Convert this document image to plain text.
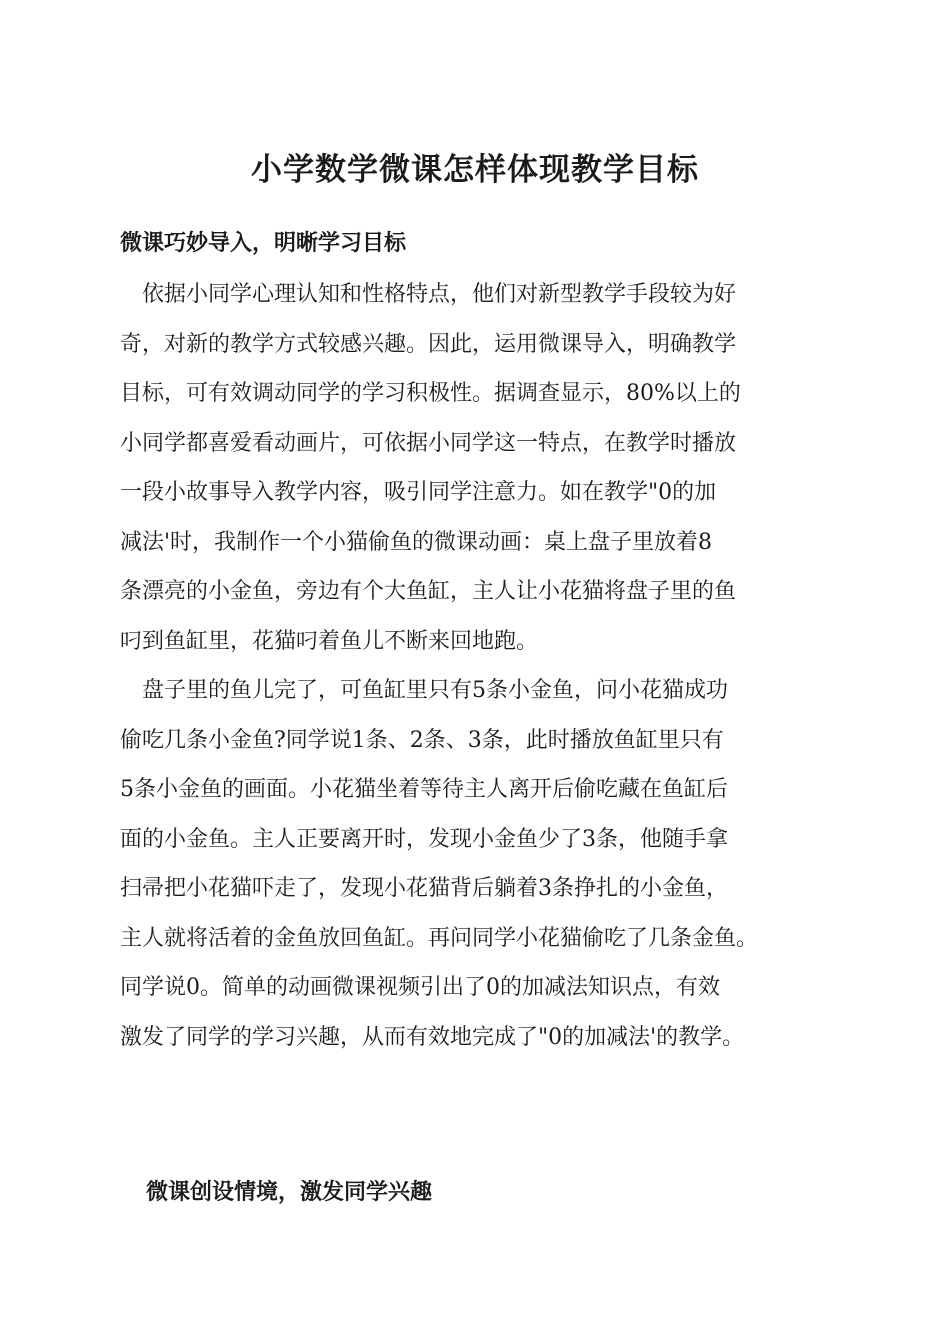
小学数学微课怎样体现教学目标
微课巧妙导入，明晰学习目标
　依据小同学心理认知和性格特点，他们对新型教学手段较为好
奇，对新的教学方式较感兴趣。因此，运用微课导入，明确教学
目标，可有效调动同学的学习积极性。据调查显示，80%以上的
小同学都喜爱看动画片，可依据小同学这一特点，在教学时播放
一段小故事导入教学内容，吸引同学注意力。如在教学"0的加
减法'时，我制作一个小猫偷鱼的微课动画：桌上盘子里放着8
条漂亮的小金鱼，旁边有个大鱼缸，主人让小花猫将盘子里的鱼
叼到鱼缸里，花猫叼着鱼儿不断来回地跑。
　盘子里的鱼儿完了，可鱼缸里只有5条小金鱼，问小花猫成功
偷吃几条小金鱼?同学说1条、2条、3条，此时播放鱼缸里只有
5条小金鱼的画面。小花猫坐着等待主人离开后偷吃藏在鱼缸后
面的小金鱼。主人正要离开时，发现小金鱼少了3条，他随手拿
扫帚把小花猫吓走了，发现小花猫背后躺着3条挣扎的小金鱼，
主人就将活着的金鱼放回鱼缸。再问同学小花猫偷吃了几条金鱼。
同学说0。简单的动画微课视频引出了0的加减法知识点，有效
激发了同学的学习兴趣，从而有效地完成了"0的加减法'的教学。
微课创设情境，激发同学兴趣
